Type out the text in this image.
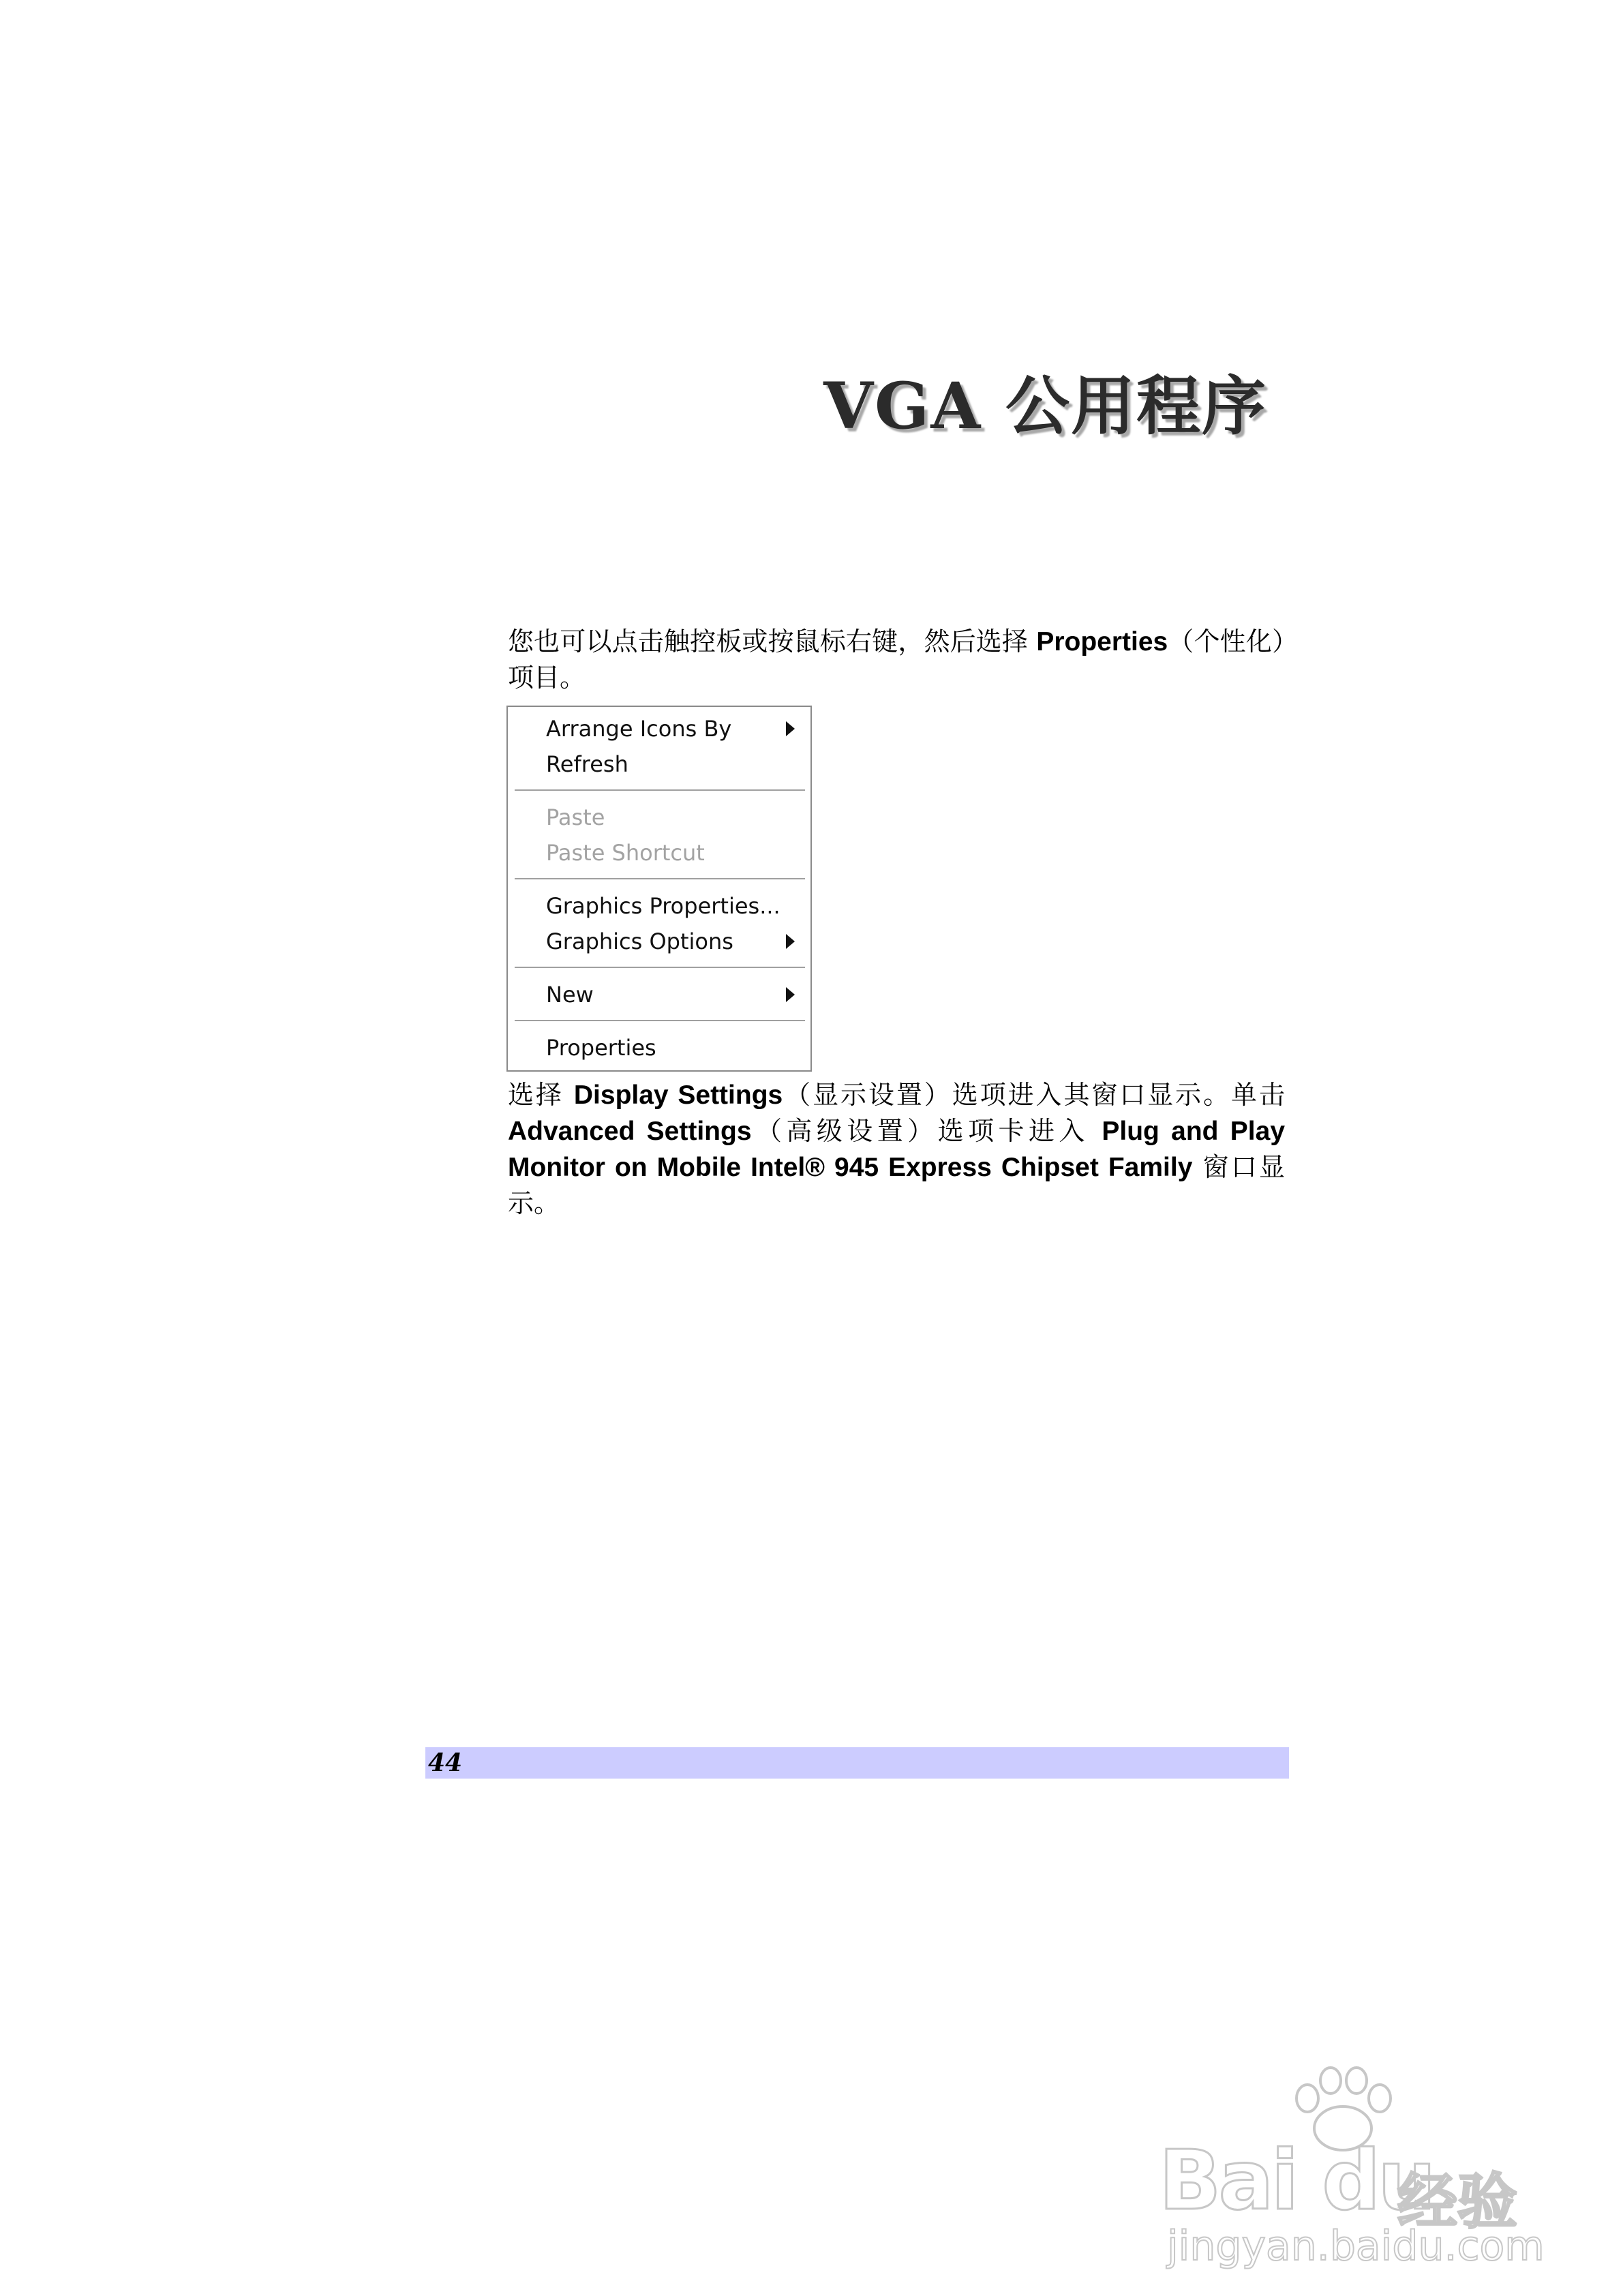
VGA 公用程序

您也可以点击触控板或按鼠标右键，然后选择 Properties（个性化）项目。

Arrange Icons By
Refresh
Paste
Paste Shortcut
Graphics Properties...
Graphics Options
New
Properties

选择 Display Settings（显示设置）选项进入其窗口显示。单击 Advanced Settings（高级设置）选项卡进入 Plug and Play Monitor on Mobile Intel® 945 Express Chipset Family 窗口显示。

44
Bai du
经验
jingyan.baidu.com
